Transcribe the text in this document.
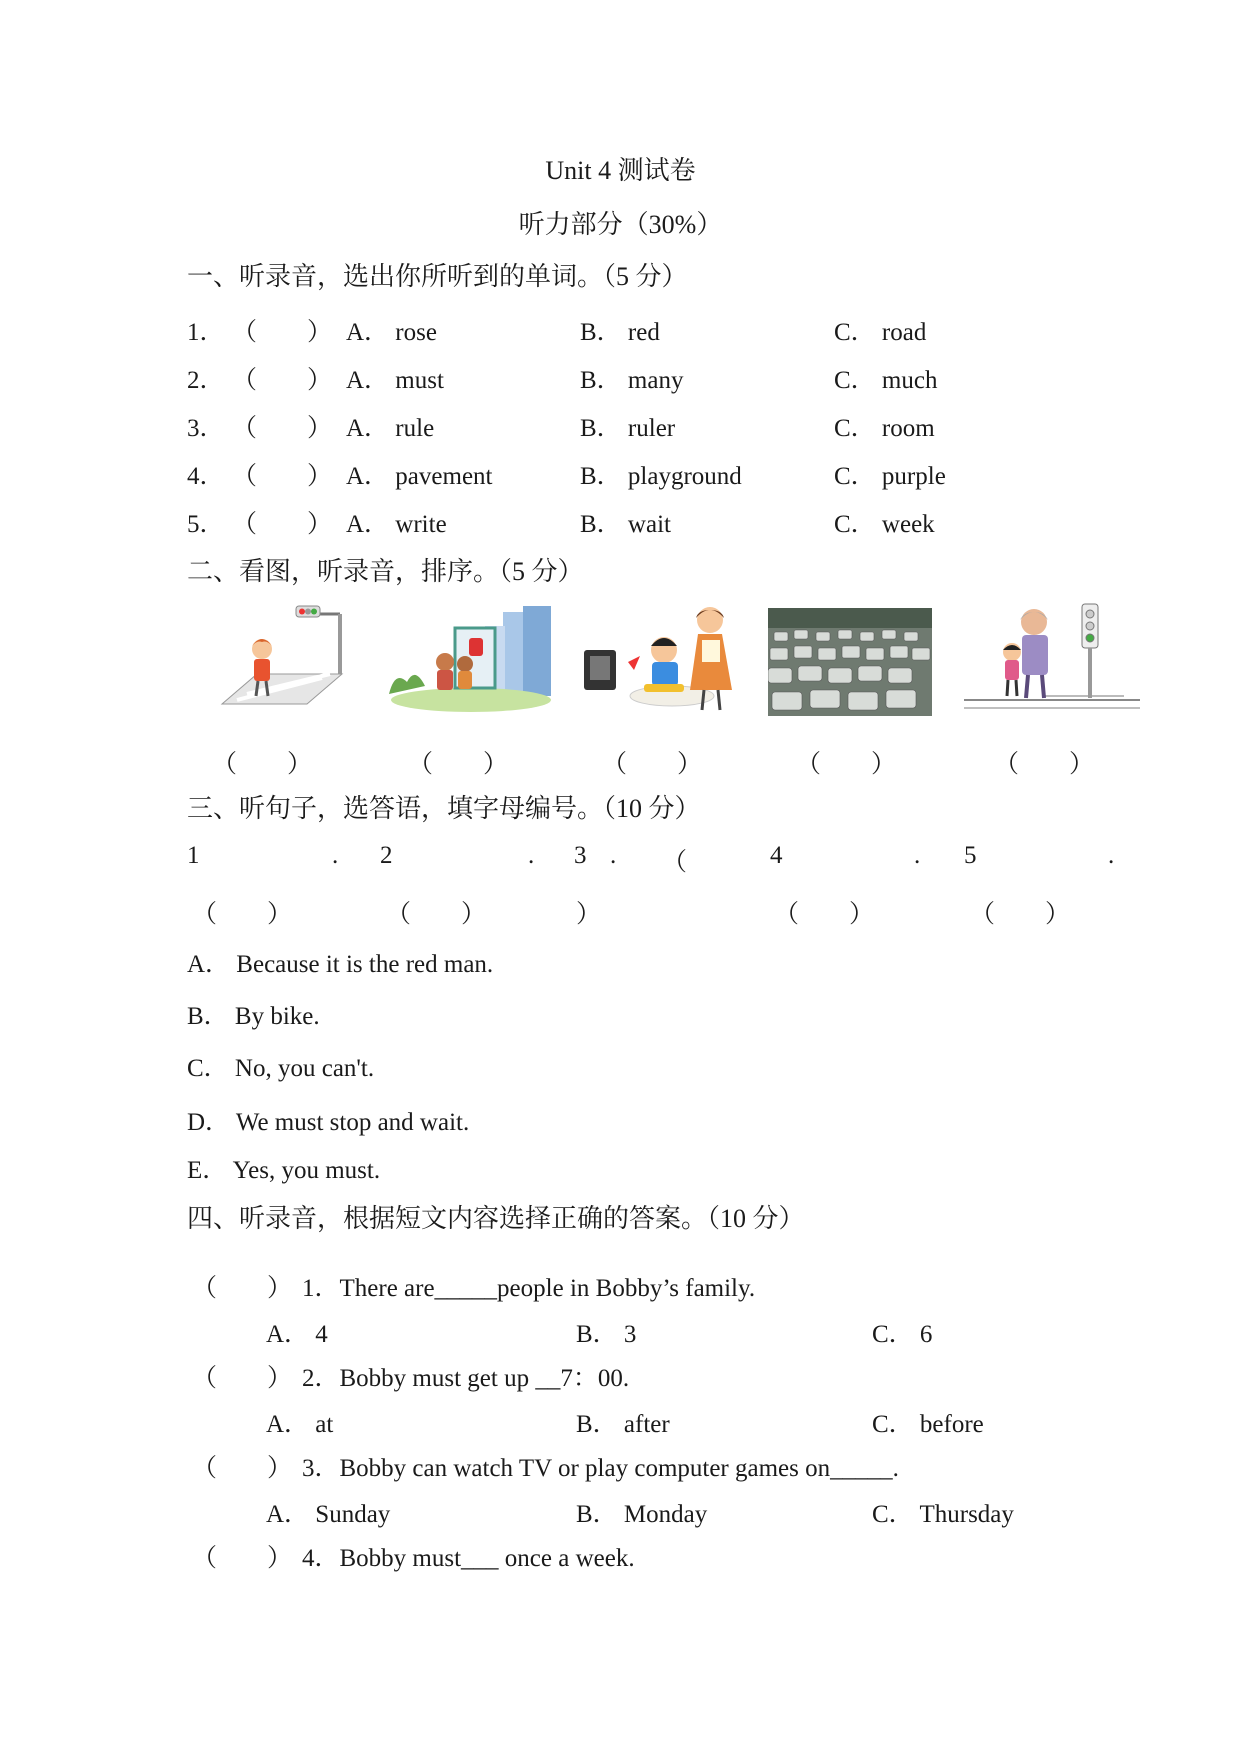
Unit 4 测试卷
听力部分（30%）
一、听录音，选出你所听到的单词。（5 分）
1． （　　） A． rose	B． red	C． road
2． （　　） A． must	B． many	C． much
3． （　　） A． rule	B． ruler	C． room
4． （　　） A． pavement	B． playground	C． purple
5． （　　） A． write	B． wait	C． week
二、看图，听录音，排序。（5 分）
（　　）	（　　）	（　　）	（　　）	（　　）
三、听句子，选答语，填字母编号。（10 分）
1	. 2	. 3 . （	4	. 5	.
（　　）	（　　）	）	（　　）	（　　）
A． Because it is the red man.
B． By bike.
C． No, you can't.
D． We must stop and wait.
E． Yes, you must.
四、听录音，根据短文内容选择正确的答案。（10 分）
（　　） 1．There are_____people in Bobby’s family.
A． 4	B． 3	C． 6
（　　） 2．Bobby must get up __7：00.
A． at	B． after	C． before
（　　） 3．Bobby can watch TV or play computer games on_____.
A． Sunday	B． Monday	C． Thursday
（　　） 4．Bobby must___ once a week.
